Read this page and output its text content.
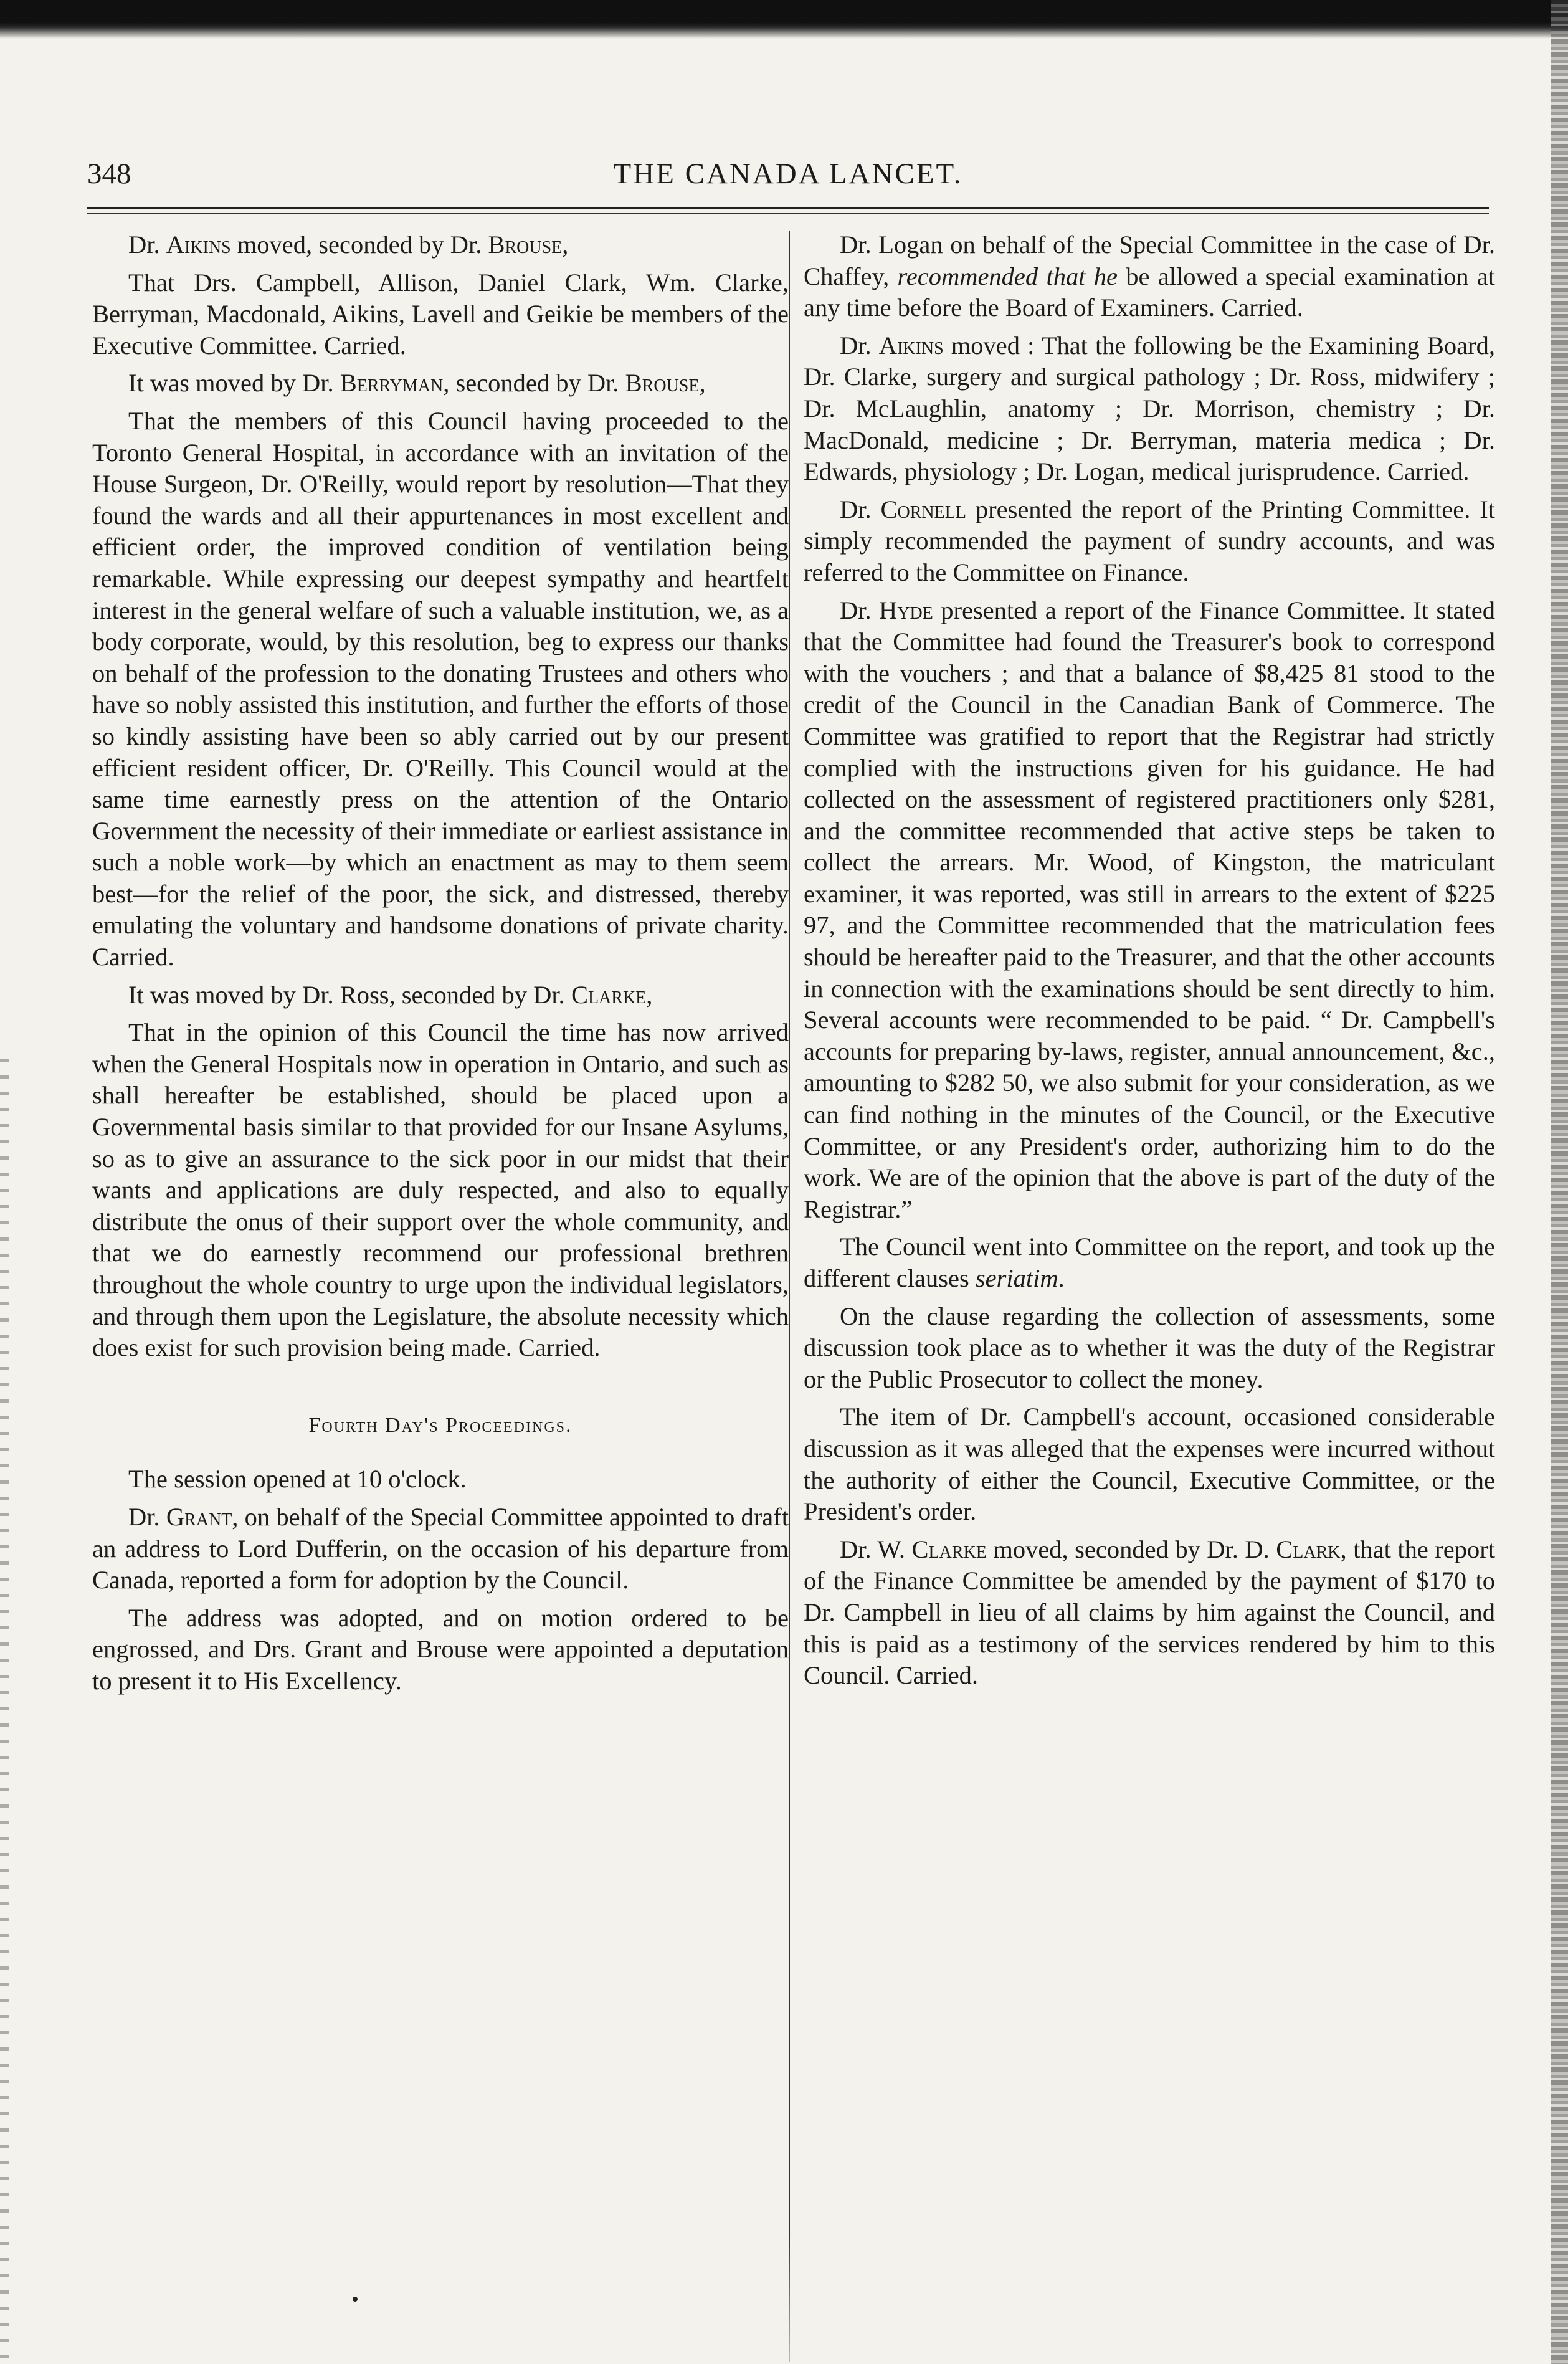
348	THE CANADA LANCET.

Dr. Aikins moved, seconded by Dr. Brouse,

That Drs. Campbell, Allison, Daniel Clark, Wm. Clarke, Berryman, Macdonald, Aikins, Lavell and Geikie be members of the Executive Committee. Carried.

It was moved by Dr. Berryman, seconded by Dr. Brouse,

That the members of this Council having proceeded to the Toronto General Hospital, in accordance with an invitation of the House Surgeon, Dr. O'Reilly, would report by resolution—That they found the wards and all their appurtenances in most excellent and efficient order, the improved condition of ventilation being remarkable. While expressing our deepest sympathy and heartfelt interest in the general welfare of such a valuable institution, we, as a body corporate, would, by this resolution, beg to express our thanks on behalf of the profession to the donating Trustees and others who have so nobly assisted this institution, and further the efforts of those so kindly assisting have been so ably carried out by our present efficient resident officer, Dr. O'Reilly. This Council would at the same time earnestly press on the attention of the Ontario Government the necessity of their immediate or earliest assistance in such a noble work—by which an enactment as may to them seem best—for the relief of the poor, the sick, and distressed, thereby emulating the voluntary and handsome donations of private charity. Carried.

It was moved by Dr. Ross, seconded by Dr. Clarke,

That in the opinion of this Council the time has now arrived when the General Hospitals now in operation in Ontario, and such as shall hereafter be established, should be placed upon a Governmental basis similar to that provided for our Insane Asylums, so as to give an assurance to the sick poor in our midst that their wants and applications are duly respected, and also to equally distribute the onus of their support over the whole community, and that we do earnestly recommend our professional brethren throughout the whole country to urge upon the individual legislators, and through them upon the Legislature, the absolute necessity which does exist for such provision being made. Carried.

Fourth Day's Proceedings.

The session opened at 10 o'clock.

Dr. Grant, on behalf of the Special Committee appointed to draft an address to Lord Dufferin, on the occasion of his departure from Canada, reported a form for adoption by the Council.

The address was adopted, and on motion ordered to be engrossed, and Drs. Grant and Brouse were appointed a deputation to present it to His Excellency.

Dr. Logan on behalf of the Special Committee in the case of Dr. Chaffey, recommended that he be allowed a special examination at any time before the Board of Examiners. Carried.

Dr. Aikins moved : That the following be the Examining Board, Dr. Clarke, surgery and surgical pathology ; Dr. Ross, midwifery ; Dr. McLaughlin, anatomy ; Dr. Morrison, chemistry ; Dr. MacDonald, medicine ; Dr. Berryman, materia medica ; Dr. Edwards, physiology ; Dr. Logan, medical jurisprudence. Carried.

Dr. Cornell presented the report of the Printing Committee. It simply recommended the payment of sundry accounts, and was referred to the Committee on Finance.

Dr. Hyde presented a report of the Finance Committee. It stated that the Committee had found the Treasurer's book to correspond with the vouchers ; and that a balance of $8,425 81 stood to the credit of the Council in the Canadian Bank of Commerce. The Committee was gratified to report that the Registrar had strictly complied with the instructions given for his guidance. He had collected on the assessment of registered practitioners only $281, and the committee recommended that active steps be taken to collect the arrears. Mr. Wood, of Kingston, the matriculant examiner, it was reported, was still in arrears to the extent of $225 97, and the Committee recommended that the matriculation fees should be hereafter paid to the Treasurer, and that the other accounts in connection with the examinations should be sent directly to him. Several accounts were recommended to be paid. “ Dr. Campbell's accounts for preparing by-laws, register, annual announcement, &c., amounting to $282 50, we also submit for your consideration, as we can find nothing in the minutes of the Council, or the Executive Committee, or any President's order, authorizing him to do the work. We are of the opinion that the above is part of the duty of the Registrar.”

The Council went into Committee on the report, and took up the different clauses seriatim.

On the clause regarding the collection of assessments, some discussion took place as to whether it was the duty of the Registrar or the Public Prosecutor to collect the money.

The item of Dr. Campbell's account, occasioned considerable discussion as it was alleged that the expenses were incurred without the authority of either the Council, Executive Committee, or the President's order.

Dr. W. Clarke moved, seconded by Dr. D. Clark, that the report of the Finance Committee be amended by the payment of $170 to Dr. Campbell in lieu of all claims by him against the Council, and this is paid as a testimony of the services rendered by him to this Council. Carried.
